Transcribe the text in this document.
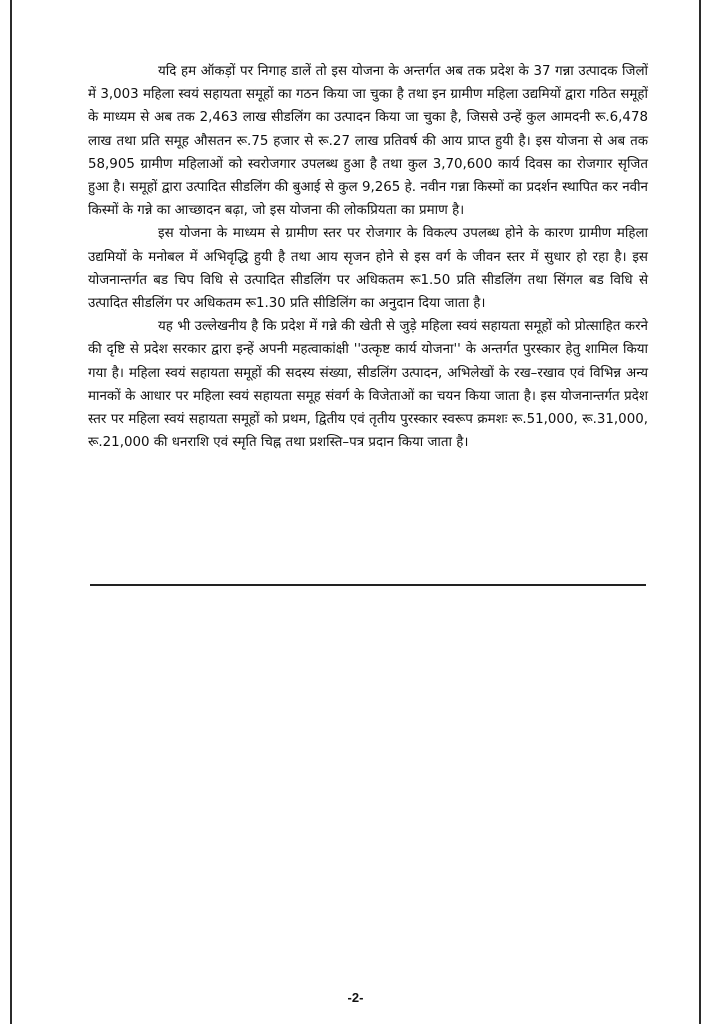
यदि हम ऑकड़ों पर निगाह डालें तो इस योजना के अन्तर्गत अब तक प्रदेश के 37 गन्ना उत्पादक जिलों में 3,003 महिला स्वयं सहायता समूहों का गठन किया जा चुका है तथा इन ग्रामीण महिला उद्यमियों द्वारा गठित समूहों के माध्यम से अब तक 2,463 लाख सीडलिंग का उत्पादन किया जा चुका है, जिससे उन्हें कुल आमदनी रू.6,478 लाख तथा प्रति समूह औसतन रू.75 हजार से रू.27 लाख प्रतिवर्ष की आय प्राप्त हुयी है। इस योजना से अब तक 58,905 ग्रामीण महिलाओं को स्वरोजगार उपलब्ध हुआ है तथा कुल 3,70,600 कार्य दिवस का रोजगार सृजित हुआ है। समूहों द्वारा उत्पादित सीडलिंग की बुआई से कुल 9,265 हे. नवीन गन्ना किस्मों का प्रदर्शन स्थापित कर नवीन किस्मों के गन्ने का आच्छादन बढ़ा, जो इस योजना की लोकप्रियता का प्रमाण है।

इस योजना के माध्यम से ग्रामीण स्तर पर रोजगार के विकल्प उपलब्ध होने के कारण ग्रामीण महिला उद्यमियों के मनोबल में अभिवृद्धि हुयी है तथा आय सृजन होने से इस वर्ग के जीवन स्तर में सुधार हो रहा है। इस योजनान्तर्गत बड चिप विधि से उत्पादित सीडलिंग पर अधिकतम रू1.50 प्रति सीडलिंग तथा सिंगल बड विधि से उत्पादित सीडलिंग पर अधिकतम रू1.30 प्रति सीडिलिंग का अनुदान दिया जाता है।

यह भी उल्लेखनीय है कि प्रदेश में गन्ने की खेती से जुड़े महिला स्वयं सहायता समूहों को प्रोत्साहित करने की दृष्टि से प्रदेश सरकार द्वारा इन्हें अपनी महत्वाकांक्षी ''उत्कृष्ट कार्य योजना'' के अन्तर्गत पुरस्कार हेतु शामिल किया गया है। महिला स्वयं सहायता समूहों की सदस्य संख्या, सीडलिंग उत्पादन, अभिलेखों के रख–रखाव एवं विभिन्न अन्य मानकों के आधार पर महिला स्वयं सहायता समूह संवर्ग के विजेताओं का चयन किया जाता है। इस योजनान्तर्गत प्रदेश स्तर पर महिला स्वयं सहायता समूहों को प्रथम, द्वितीय एवं तृतीय पुरस्कार स्वरूप क्रमशः रू.51,000, रू.31,000, रू.21,000 की धनराशि एवं स्मृति चिह्न तथा प्रशस्ति–पत्र प्रदान किया जाता है।

-2-
